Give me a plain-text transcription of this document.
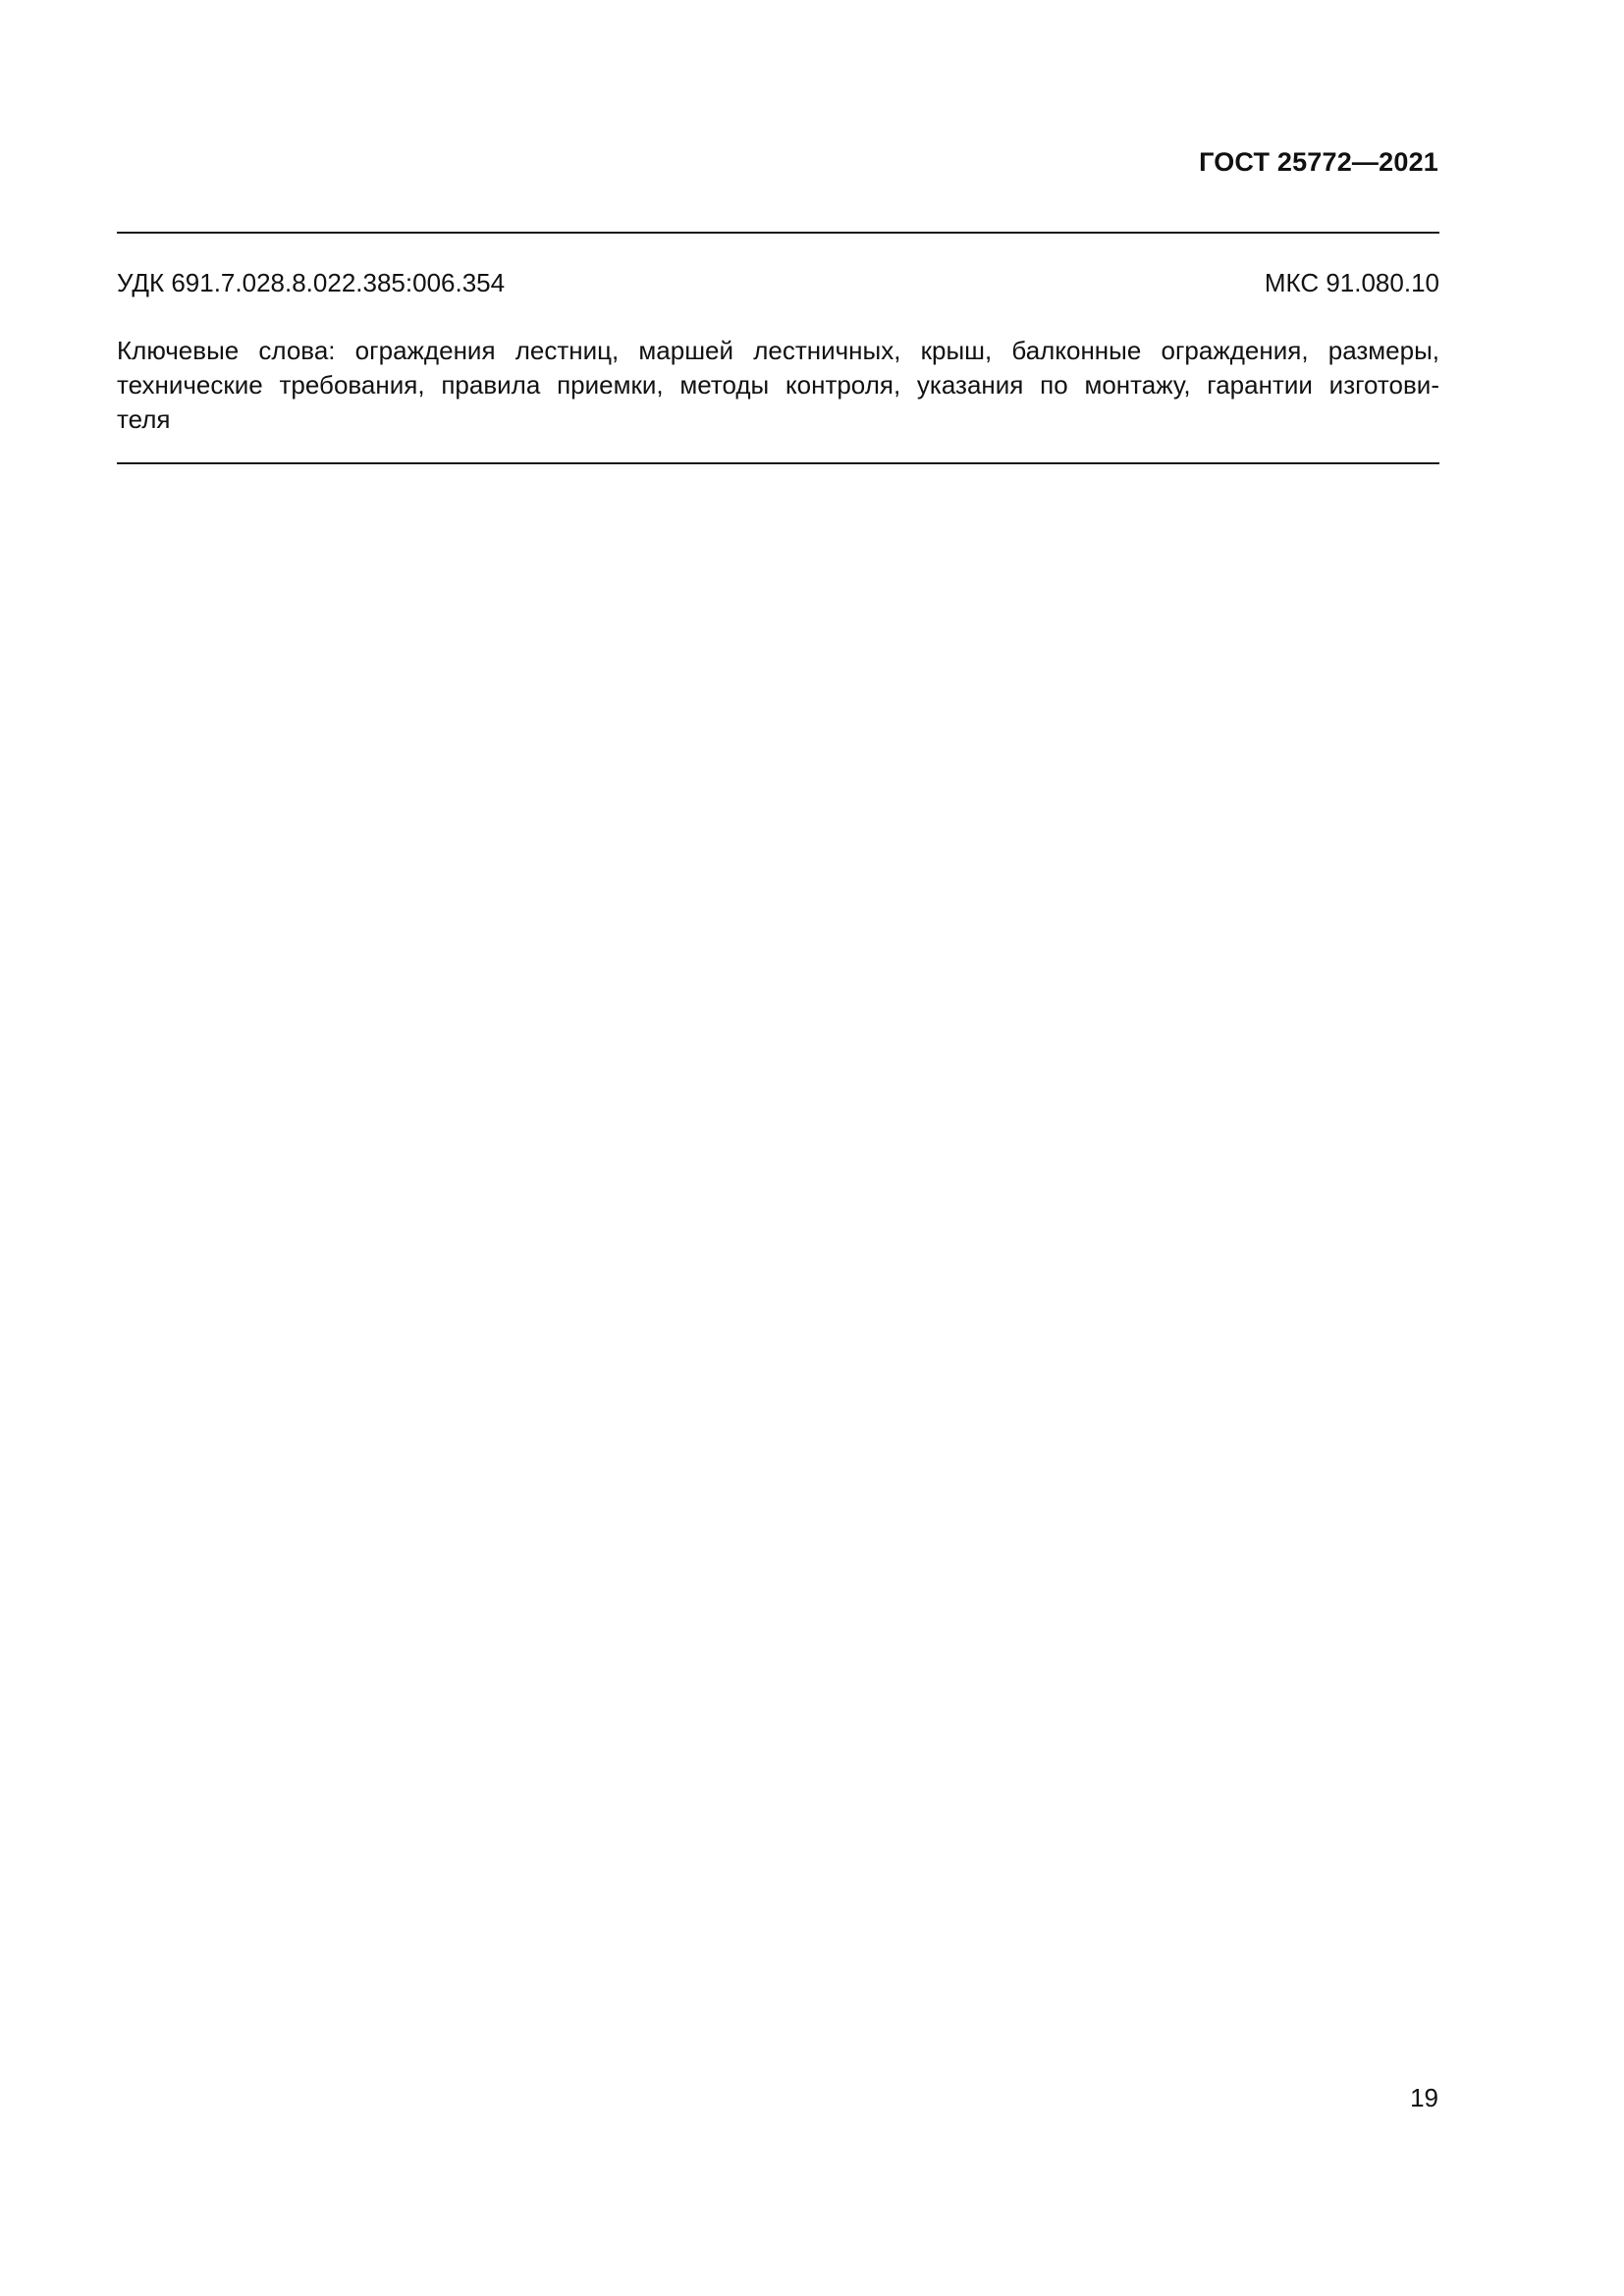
ГОСТ 25772—2021
УДК 691.7.028.8.022.385:006.354	МКС 91.080.10
Ключевые слова: ограждения лестниц, маршей лестничных, крыш, балконные ограждения, размеры,
технические требования, правила приемки, методы контроля, указания по монтажу, гарантии изготови-
теля
19
